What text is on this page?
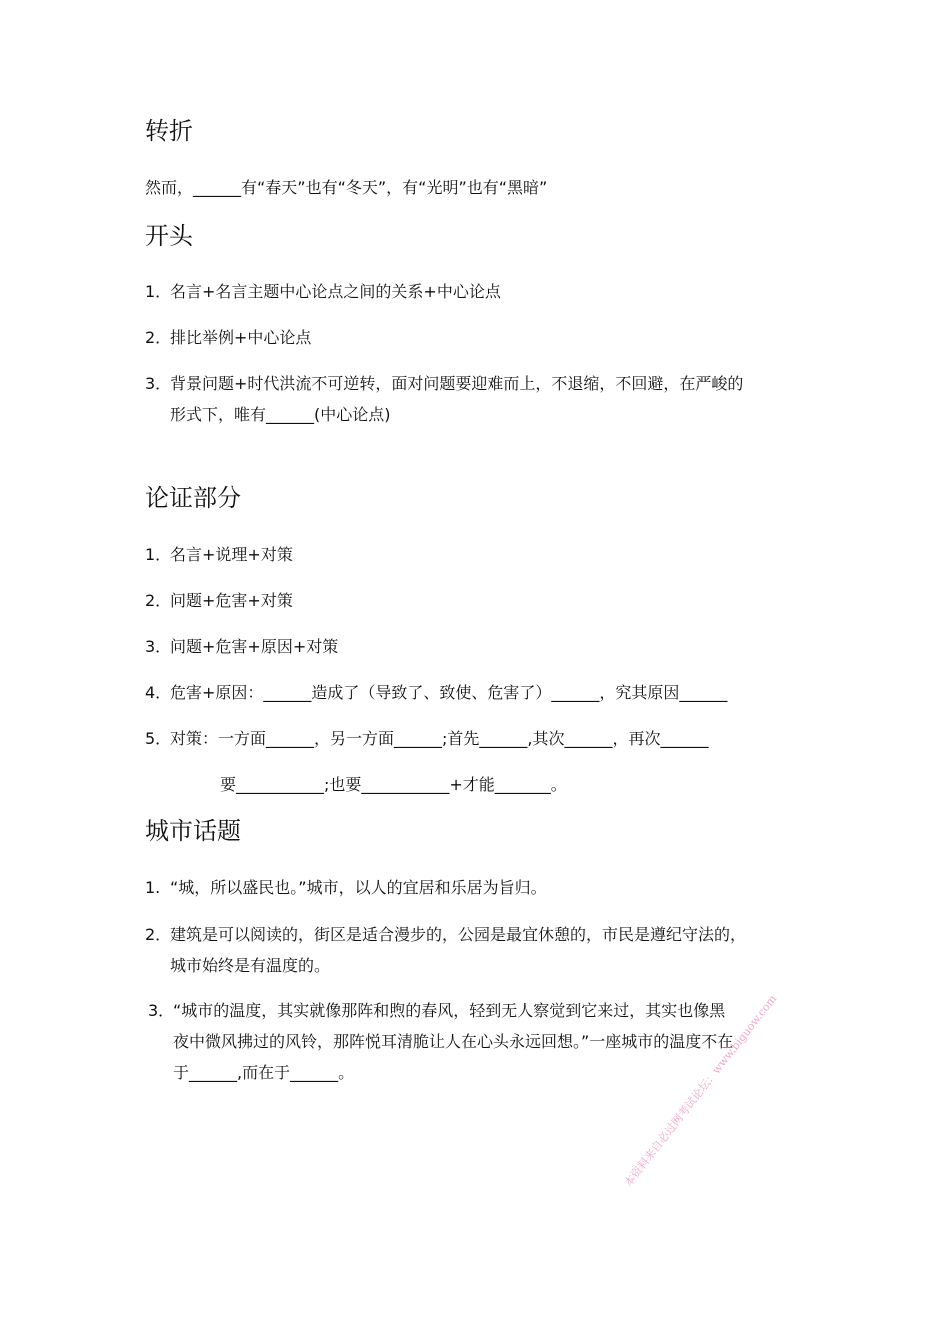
转折
然而，______有“春天”也有“冬天”，有“光明”也有“黑暗”
开头
1．
名言+名言主题中心论点之间的关系+中心论点
2．
排比举例+中心论点
3．
背景问题+时代洪流不可逆转，面对问题要迎难而上，不退缩，不回避，在严峻的
形式下，唯有______(中心论点)
论证部分
1．
名言+说理+对策
2．
问题+危害+对策
3．
问题+危害+原因+对策
4．
危害+原因：______造成了（导致了、致使、危害了）______，究其原因______
5．
对策：一方面______，另一方面______;首先______,其次______，再次______
要___________;也要___________+才能_______。
城市话题
1. “城，所以盛民也。”城市，以人的宜居和乐居为旨归。
2．
建筑是可以阅读的，街区是适合漫步的，公园是最宜休憩的，市民是遵纪守法的，
城市始终是有温度的。
3．
“城市的温度，其实就像那阵和煦的春风，轻到无人察觉到它来过，其实也像黑
夜中微风拂过的风铃，那阵悦耳清脆让人在心头永远回想。”一座城市的温度不在
于______,而在于______。	本资料来自必过网考试论坛：www.biguow.com
